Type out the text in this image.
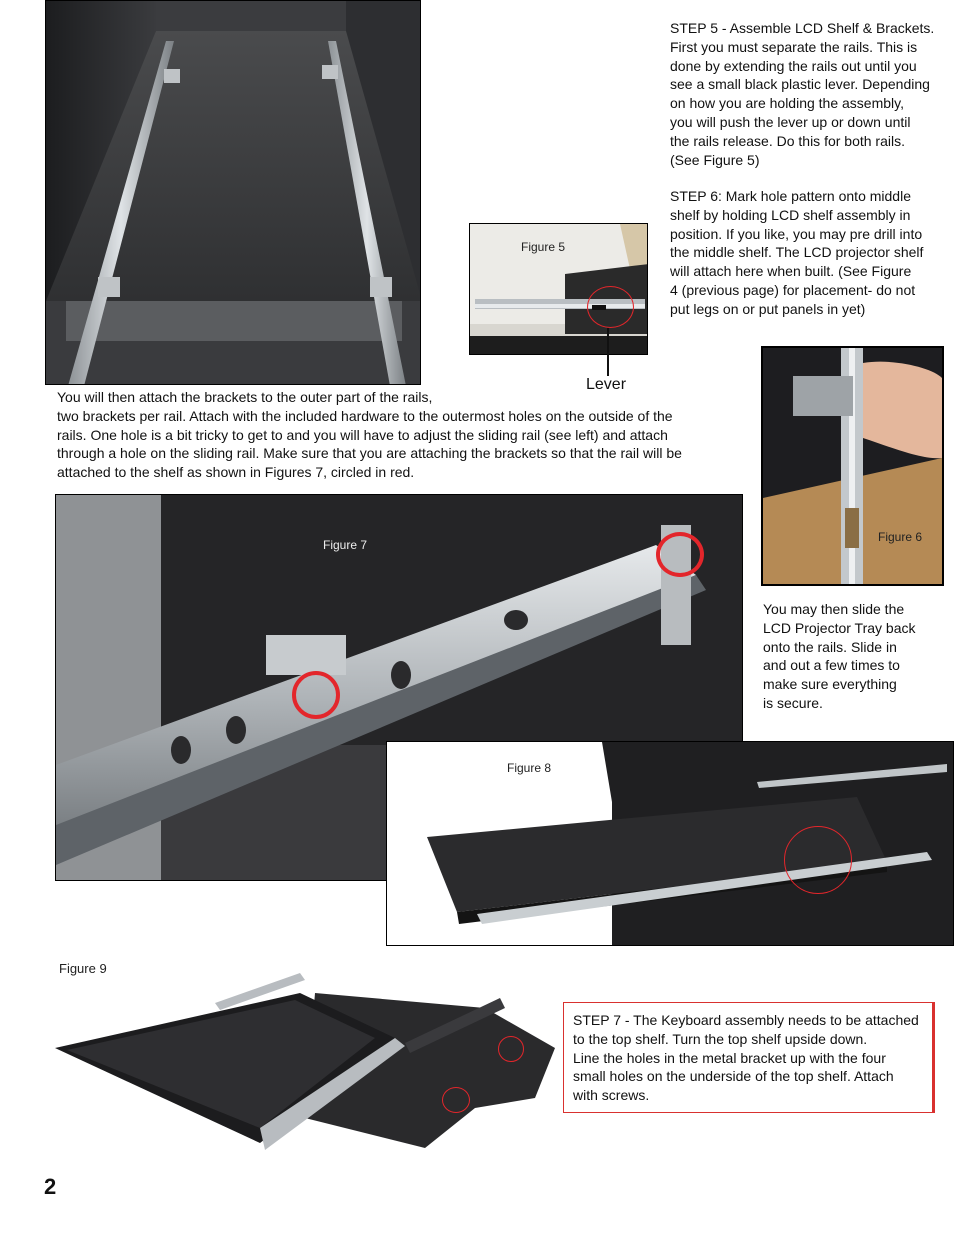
STEP 5 - Assemble LCD Shelf & Brackets.
First you must separate the rails. This is
done by extending the rails out until you
see a small black plastic lever. Depending
on how you are holding the assembly,
you will push the lever up or down until
the rails release. Do this for both rails.
(See Figure 5)
STEP 6: Mark hole pattern onto middle
shelf by holding LCD shelf assembly in
position. If you like, you may pre drill into
the middle shelf. The LCD projector shelf
will attach here when built. (See Figure
4 (previous page) for placement- do not
put legs on or put panels in yet)
Figure 5
Lever
Figure 6
You will then attach the brackets to the outer part of the rails,
two brackets per rail. Attach with the included hardware to the outermost holes on the outside of the
rails. One hole is a bit tricky to get to and you will have to adjust the sliding rail (see left) and attach
through a hole on the sliding rail. Make sure that you are attaching the brackets so that the rail will be
attached to the shelf as shown in Figures 7, circled in red.
Figure 7
You may then slide the
LCD Projector Tray back
onto the rails. Slide in
and out a few times to
make sure everything
is secure.
Figure 8
Figure 9
STEP 7 - The Keyboard assembly needs to be attached
to the top shelf. Turn the top shelf upside down.
Line the holes in the metal bracket up with the four
small holes on the underside of the top shelf. Attach
with screws.
2
